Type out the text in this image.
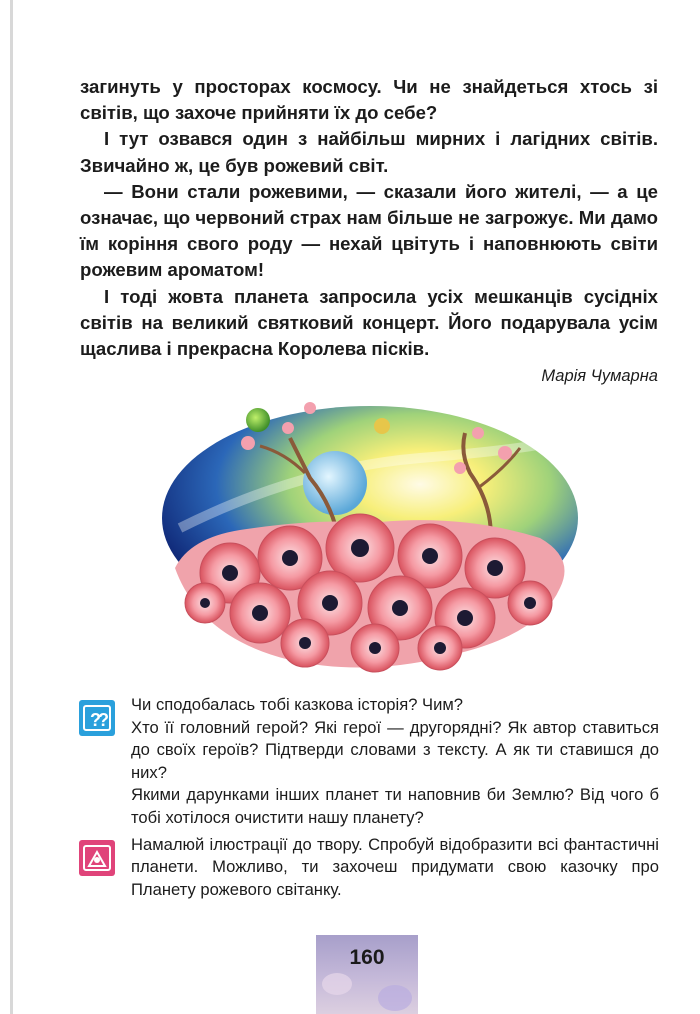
загинуть у просторах космосу. Чи не знайдеться хтось зі світів, що захоче прийняти їх до себе?

І тут озвався один з найбільш мирних і лагідних світів. Звичайно ж, це був рожевий світ.

— Вони стали рожевими, — сказали його жителі, — а це означає, що червоний страх нам більше не загрожує. Ми дамо їм коріння свого роду — нехай цвітуть і наповнюють світи рожевим ароматом!

І тоді жовта планета запросила усіх мешканців сусідніх світів на великий святковий концерт. Його подарувала усім щаслива і прекрасна Королева пісків.

Марія Чумарна
?
?

Чи сподобалась тобі казкова історія? Чим?

Хто її головний герой? Які герої — другорядні? Як автор ставиться до своїх героїв? Підтверди словами з тексту. А як ти ставишся до них?

Якими дарунками інших планет ти наповнив би Землю? Від чого б тобі хотілося очистити нашу планету?

Намалюй ілюстрації до твору. Спробуй відобразити всі фантастичні планети. Можливо, ти захочеш придумати свою казочку про Планету рожевого світанку.

160
